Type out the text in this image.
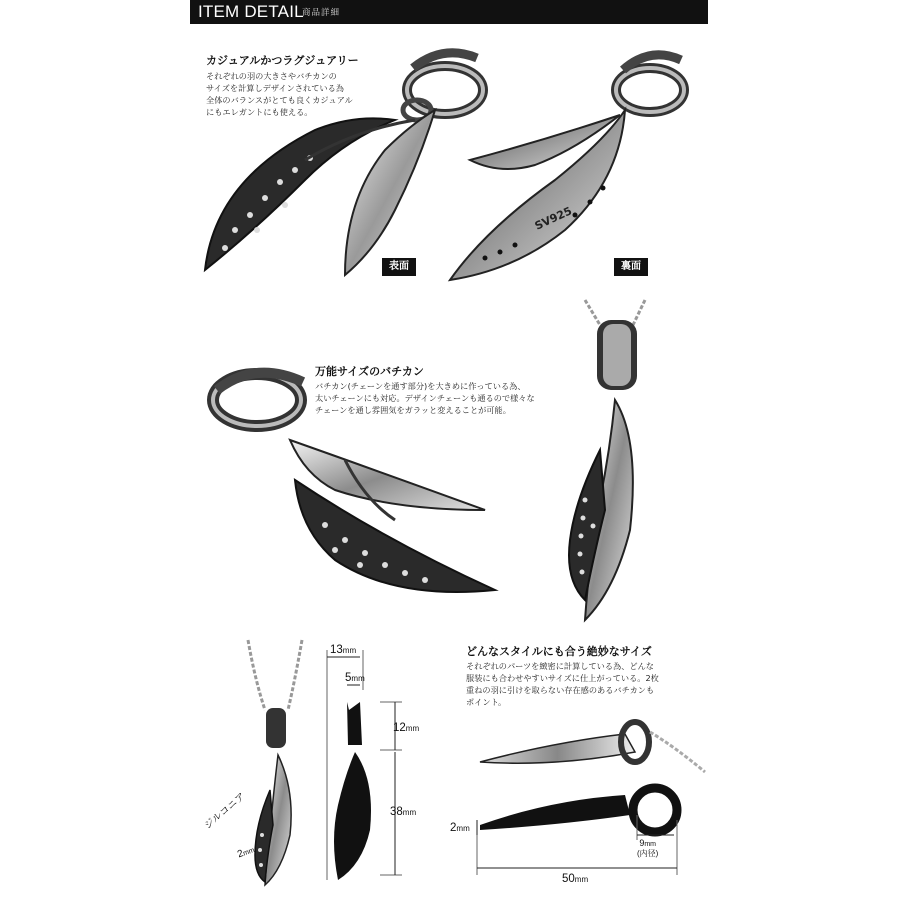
ITEM DETAIL
商品詳細
カジュアルかつラグジュアリー
それぞれの羽の大きさやバチカンの
サイズを計算しデザインされている為
全体のバランスがとても良くカジュアル
にもエレガントにも使える。
表面
SV925
裏面
万能サイズのバチカン
バチカン(チェーンを通す部分)を大きめに作っている為、
太いチェーンにも対応。デザインチェーンも通るので様々な
チェーンを通し雰囲気をガラッと変えることが可能。
ジルコニア
2mm
13mm
5mm
12mm
38mm
どんなスタイルにも合う絶妙なサイズ
それぞれのパーツを緻密に計算している為、どんな
服装にも合わせやすいサイズに仕上がっている。2枚
重ねの羽に引けを取らない存在感のあるバチカンも
ポイント。
2mm
9mm
(内径)
50mm
